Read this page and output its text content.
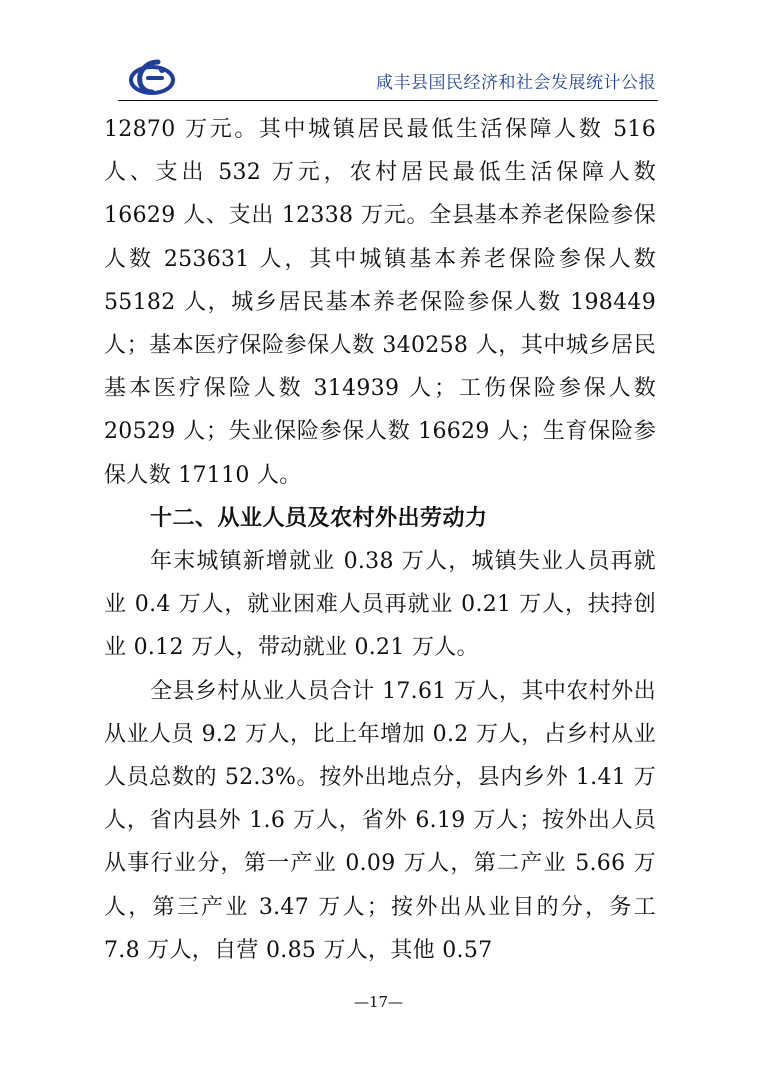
咸丰县国民经济和社会发展统计公报

12870 万元。其中城镇居民最低生活保障人数 516 人、支出 532 万元，农村居民最低生活保障人数 16629 人、支出 12338 万元。全县基本养老保险参保人数 253631 人，其中城镇基本养老保险参保人数 55182 人，城乡居民基本养老保险参保人数 198449 人；基本医疗保险参保人数 340258 人，其中城乡居民基本医疗保险人数 314939 人；工伤保险参保人数 20529 人；失业保险参保人数 16629 人；生育保险参保人数 17110 人。

十二、从业人员及农村外出劳动力

年末城镇新增就业 0.38 万人，城镇失业人员再就业 0.4 万人，就业困难人员再就业 0.21 万人，扶持创业 0.12 万人，带动就业 0.21 万人。

全县乡村从业人员合计 17.61 万人，其中农村外出从业人员 9.2 万人，比上年增加 0.2 万人，占乡村从业人员总数的 52.3%。按外出地点分，县内乡外 1.41 万人，省内县外 1.6 万人，省外 6.19 万人；按外出人员从事行业分，第一产业 0.09 万人，第二产业 5.66 万人，第三产业 3.47 万人；按外出从业目的分，务工 7.8 万人，自营 0.85 万人，其他 0.57

—17—
